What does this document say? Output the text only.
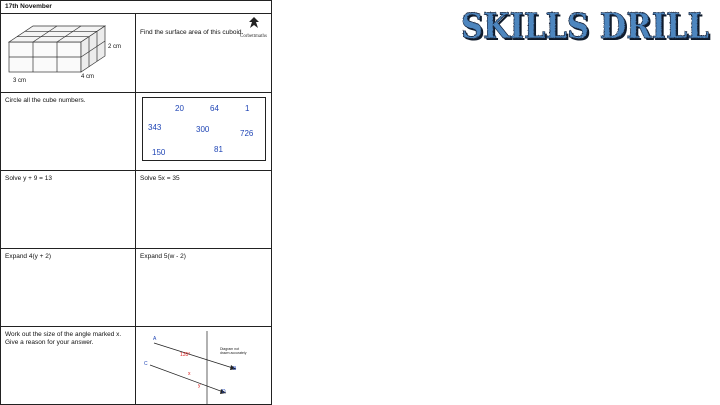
17th November
2 cm
4 cm
3 cm
Corbettmaths
Find the surface area of this cuboid.
Circle all the cube numbers.
20	64	1
343	300	726
150	81
Solve y + 9 = 13	Solve 5x = 35
Expand 4(y + 2)	Expand 5(w - 2)
Work out the size of the angle marked x.
Give a reason for your answer.	A
B
C
D
135°
x
y
Diagram not
drawn accurately
SKILLS DRILL
SKILLS DRILL
